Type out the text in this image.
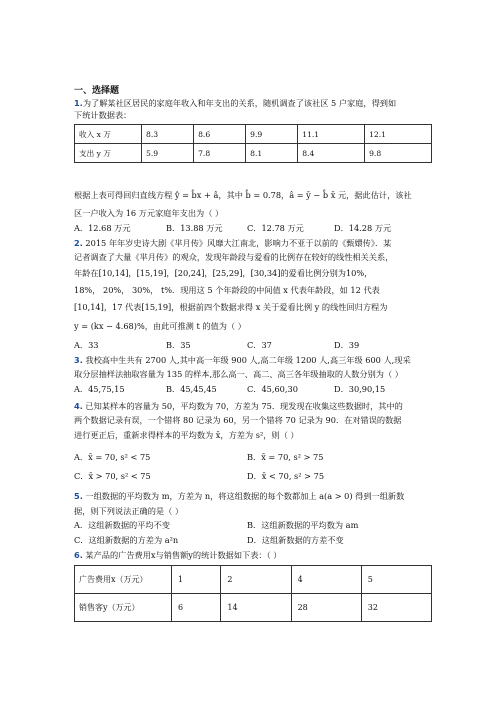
一、选择题
1.为了解某社区居民的家庭年收入和年支出的关系，随机调查了该社区 5 户家庭，得到如
下统计数据表：
收入 x 万	8.3	8.6	9.9	11.1	12.1
支出 y 万	5.9	7.8	8.1	8.4	9.8
根据上表可得回归直线方程 ŷ = b̂x + â，其中 b̂ = 0.78，â = ȳ − b̂ x̄ 元，据此估计，该社
区一户收入为 16 万元家庭年支出为（ ）
A．12.68 万元	B．13.88 万元	C．12.78 万元	D．14.28 万元
2. 2015 年年岁史诗大剧《芈月传》风靡大江南北，影响力不亚于以前的《甄嬛传》．某
记者调查了大量《芈月传》的观众，发现年龄段与爱看的比例存在较好的线性相关关系，
年龄在[10,14]，[15,19]，[20,24]，[25,29]，[30,34]的爱看比例分别为10%，
18%， 20%， 30%， t%．现用这 5 个年龄段的中间值 x 代表年龄段，如 12 代表
[10,14]，17 代表[15,19]，根据前四个数据求得 x 关于爱看比例 y 的线性回归方程为
y = (kx − 4.68)%，由此可推测 t 的值为（ ）
A．33	B．35	C．37	D．39
3. 我校高中生共有 2700 人,其中高一年级 900 人,高二年级 1200 人,高三年级 600 人,现采
取分层抽样法抽取容量为 135 的样本,那么高一、高二、高三各年级抽取的人数分别为（ ）
A．45,75,15	B．45,45,45	C．45,60,30	D．30,90,15
4. 已知某样本的容量为 50，平均数为 70，方差为 75．现发现在收集这些数据时，其中的
两个数据记录有误，一个错将 80 记录为 60，另一个错将 70 记录为 90．在对错误的数据
进行更正后，重新求得样本的平均数为 x̄，方差为 s²，则（ ）
A．x̄ = 70, s² < 75	B．x̄ = 70, s² > 75
C．x̄ > 70, s² < 75	D．x̄ < 70, s² > 75
5. 一组数据的平均数为 m，方差为 n，将这组数据的每个数都加上 a(a > 0) 得到一组新数
据，则下列说法正确的是（ ）
A．这组新数据的平均不变	B．这组新数据的平均数为 am
C．这组新数据的方差为 a²n	D．这组新数据的方差不变
6. 某产品的广告费用x与销售额y的统计数据如下表：（ ）
广告费用x（万元）	1	2	4	5
销售客y（万元）	6	14	28	32
